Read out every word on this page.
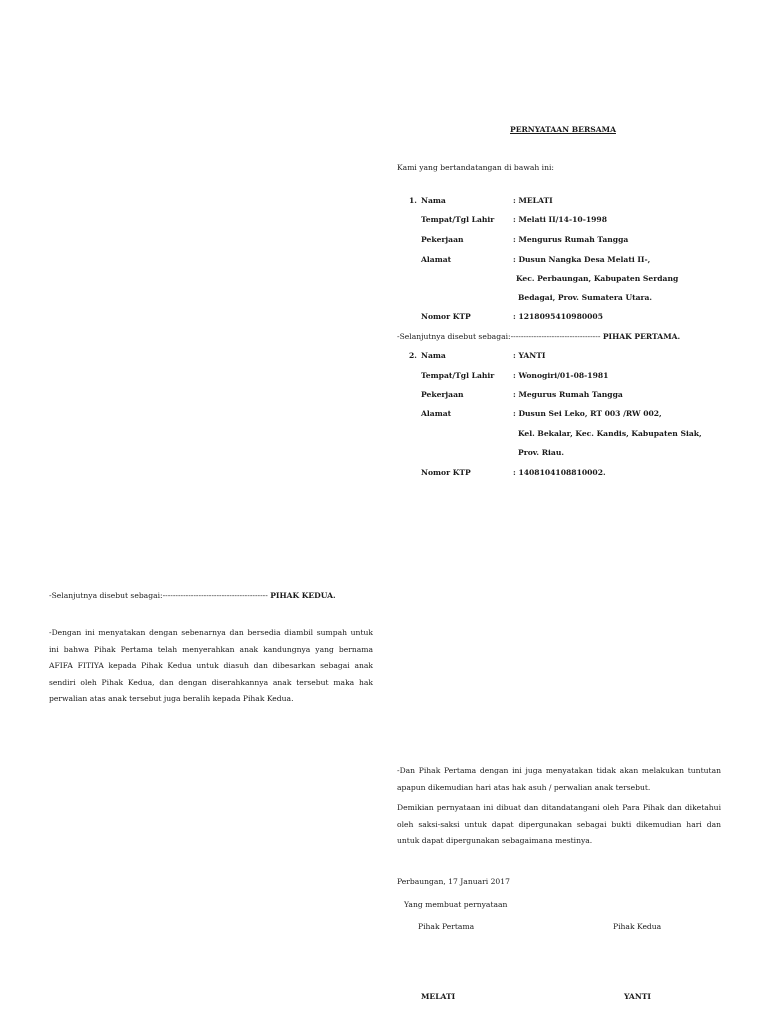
PERNYATAAN BERSAMA
Kami yang bertandatangan di bawah ini:
1. Nama	: MELATI
Tempat/Tgl Lahir : Melati II/14-10-1998
Pekerjaan	: Mengurus Rumah Tangga
Alamat	: Dusun Nangka Desa Melati II-,
Kec. Perbaungan, Kabupaten Serdang
Bedagai, Prov. Sumatera Utara.
Nomor KTP	: 1218095410980005
-Selanjutnya disebut sebagai:----------------------------------- PIHAK PERTAMA.
2. Nama	: YANTI
Tempat/Tgl Lahir : Wonogiri/01-08-1981
Pekerjaan	: Megurus Rumah Tangga
Alamat	: Dusun Sei Leko, RT 003 /RW 002,
Kel. Bekalar, Kec. Kandis, Kabupaten Siak,
Prov. Riau.
Nomor KTP	: 1408104108810002.
-Selanjutnya disebut sebagai:----------------------------------------- PIHAK KEDUA.
-Dengan ini menyatakan dengan sebenarnya dan bersedia diambil sumpah untuk ini bahwa Pihak Pertama telah menyerahkan anak kandungnya yang bernama AFIFA FITIYA kepada Pihak Kedua untuk diasuh dan dibesarkan sebagai anak sendiri oleh Pihak Kedua, dan dengan diserahkannya anak tersebut maka hak perwalian atas anak tersebut juga beralih kepada Pihak Kedua.
-Dan Pihak Pertama dengan ini juga menyatakan tidak akan melakukan tuntutan apapun dikemudian hari atas hak asuh / perwalian anak tersebut.
Demikian pernyataan ini dibuat dan ditandatangani oleh Para Pihak dan diketahui oleh saksi-saksi untuk dapat dipergunakan sebagai bukti dikemudian hari dan untuk dapat dipergunakan sebagaimana mestinya.
Perbaungan, 17 Januari 2017
Yang membuat pernyataan
Pihak Pertama	Pihak Kedua
MELATI	YANTI
